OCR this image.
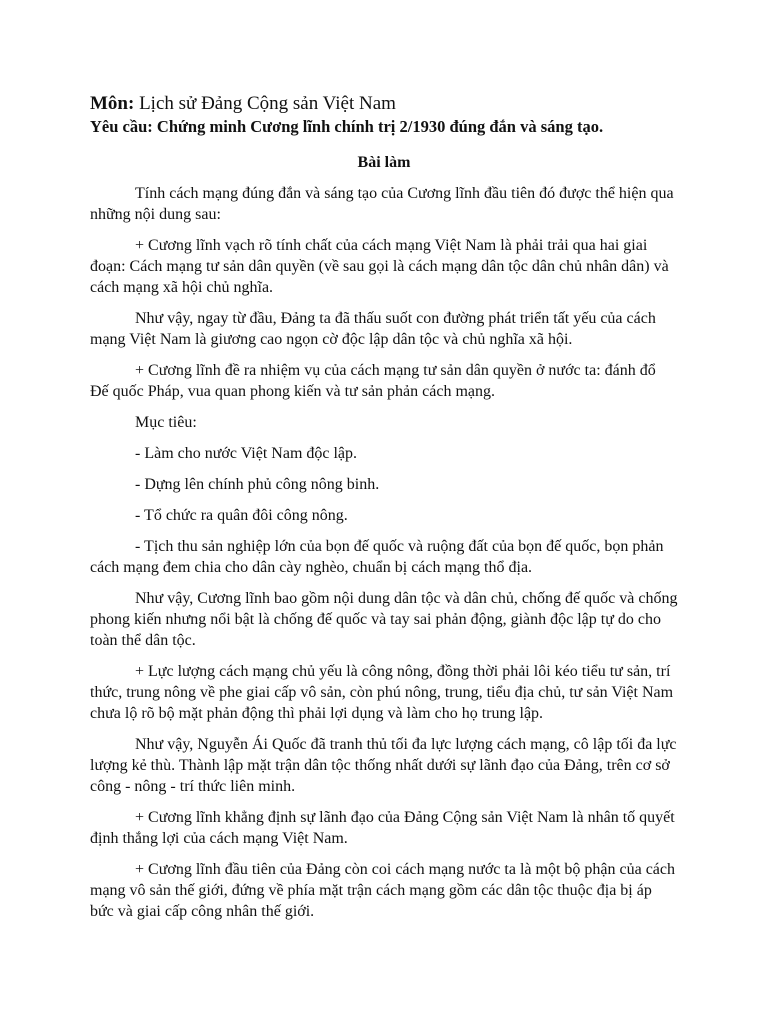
Môn: Lịch sử Đảng Cộng sản Việt Nam

Yêu cầu: Chứng minh Cương lĩnh chính trị 2/1930 đúng đắn và sáng tạo.

Bài làm

Tính cách mạng đúng đắn và sáng tạo của Cương lĩnh đầu tiên đó được thể hiện qua những nội dung sau:

+ Cương lĩnh vạch rõ tính chất của cách mạng Việt Nam là phải trải qua hai giai đoạn: Cách mạng tư sản dân quyền (về sau gọi là cách mạng dân tộc dân chủ nhân dân) và cách mạng xã hội chủ nghĩa.

Như vậy, ngay từ đầu, Đảng ta đã thấu suốt con đường phát triển tất yếu của cách mạng Việt Nam là giương cao ngọn cờ độc lập dân tộc và chủ nghĩa xã hội.

+ Cương lĩnh đề ra nhiệm vụ của cách mạng tư sản dân quyền ở nước ta: đánh đổ Đế quốc Pháp, vua quan phong kiến và tư sản phản cách mạng.

Mục tiêu:

- Làm cho nước Việt Nam độc lập.

- Dựng lên chính phủ công nông binh.

- Tổ chức ra quân đôi công nông.

- Tịch thu sản nghiệp lớn của bọn đế quốc và ruộng đất của bọn đế quốc, bọn phản cách mạng đem chia cho dân cày nghèo, chuẩn bị cách mạng thổ địa.

Như vậy, Cương lĩnh bao gồm nội dung dân tộc và dân chủ, chống đế quốc và chống phong kiến nhưng nổi bật là chống đế quốc và tay sai phản động, giành độc lập tự do cho toàn thể dân tộc.

+ Lực lượng cách mạng chủ yếu là công nông, đồng thời phải lôi kéo tiểu tư sản, trí thức, trung nông về phe giai cấp vô sản, còn phú nông, trung, tiểu địa chủ, tư sản Việt Nam chưa lộ rõ bộ mặt phản động thì phải lợi dụng và làm cho họ trung lập.

Như vậy, Nguyễn Ái Quốc đã tranh thủ tối đa lực lượng cách mạng, cô lập tối đa lực lượng kẻ thù. Thành lập mặt trận dân tộc thống nhất dưới sự lãnh đạo của Đảng, trên cơ sở công - nông - trí thức liên minh.

+ Cương lĩnh khẳng định sự lãnh đạo của Đảng Cộng sản Việt Nam là nhân tố quyết định thắng lợi của cách mạng Việt Nam.

+ Cương lĩnh đầu tiên của Đảng còn coi cách mạng nước ta là một bộ phận của cách mạng vô sản thế giới, đứng về phía mặt trận cách mạng gồm các dân tộc thuộc địa bị áp bức và giai cấp công nhân thế giới.
